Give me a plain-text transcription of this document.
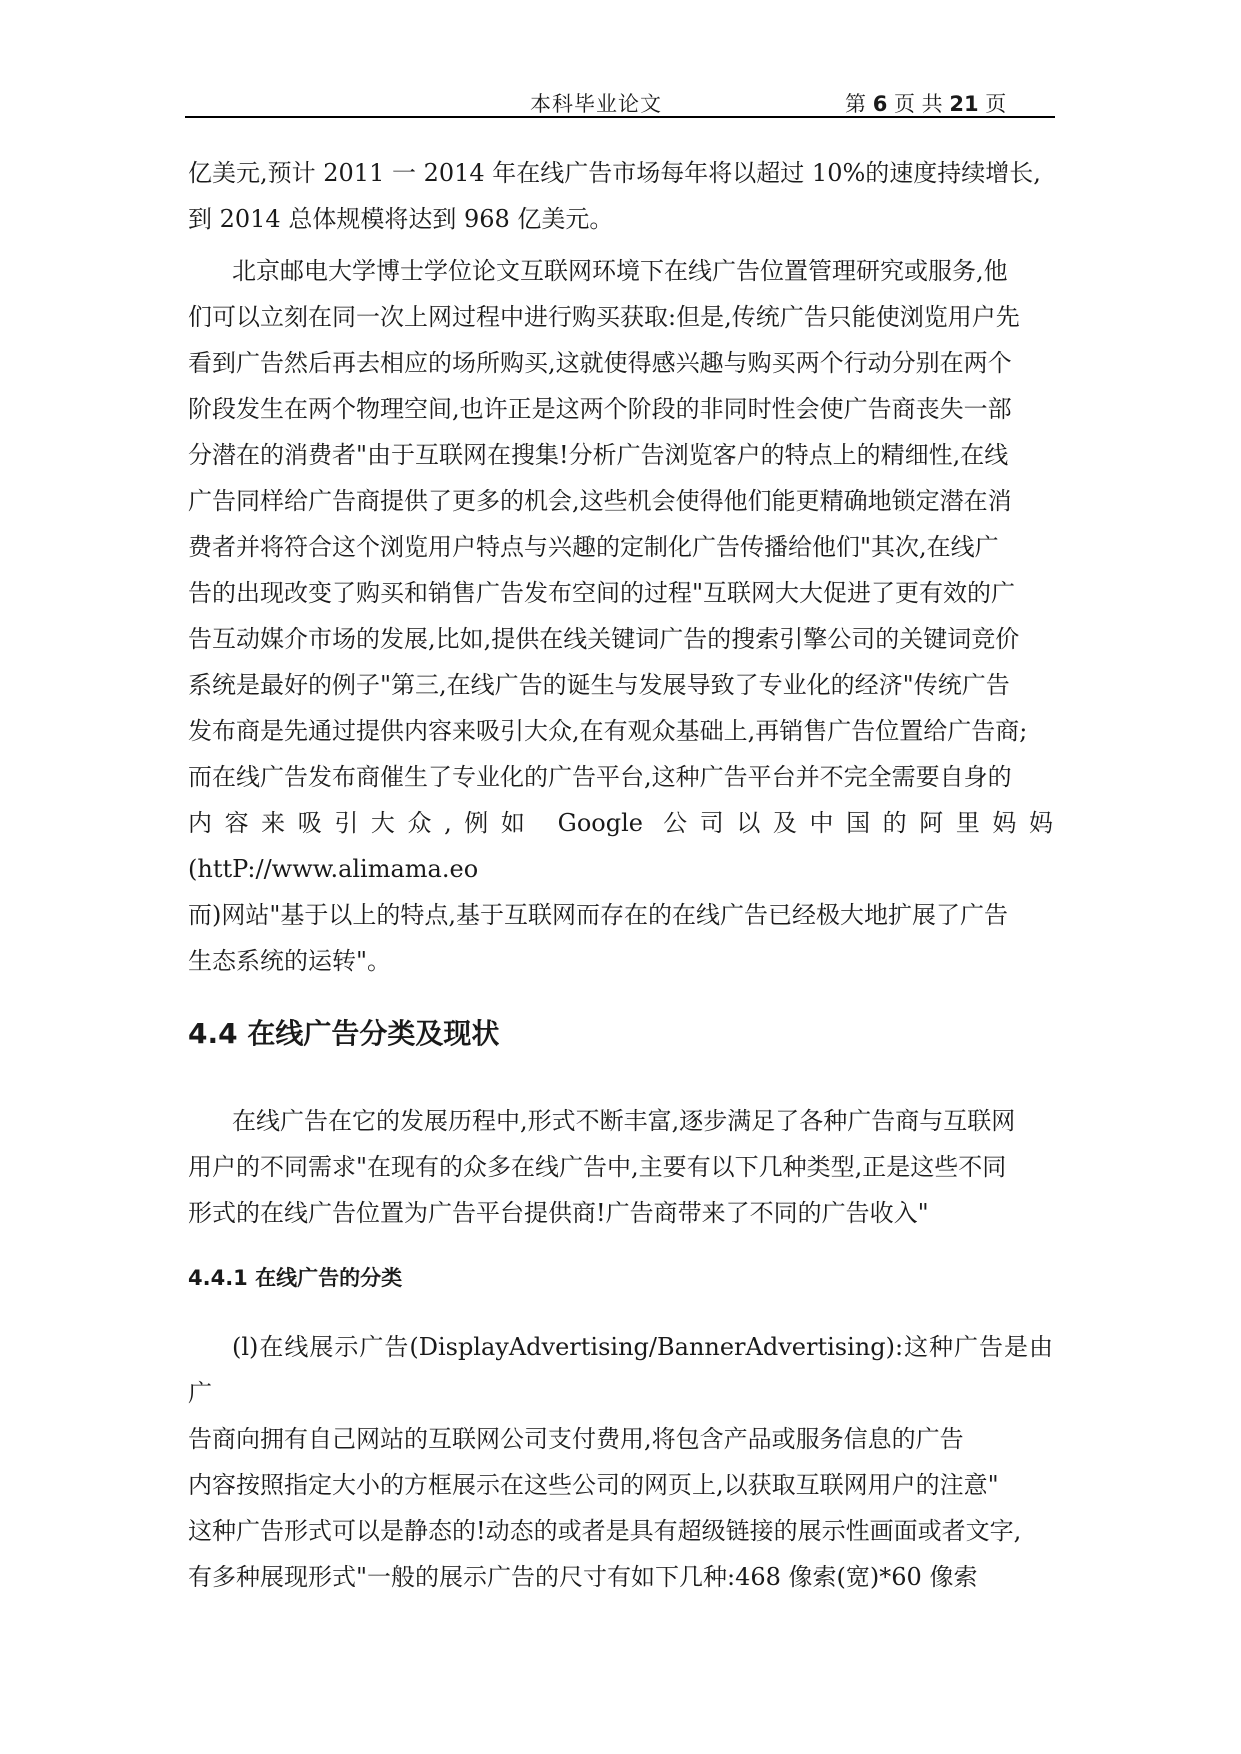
本科毕业论文	第 6 页 共 21 页

亿美元,预计 2011 一 2014 年在线广告市场每年将以超过 10%的速度持续增长,
到 2014 总体规模将达到 968 亿美元。

北京邮电大学博士学位论文互联网环境下在线广告位置管理研究或服务,他
们可以立刻在同一次上网过程中进行购买获取:但是,传统广告只能使浏览用户先
看到广告然后再去相应的场所购买,这就使得感兴趣与购买两个行动分别在两个
阶段发生在两个物理空间,也许正是这两个阶段的非同时性会使广告商丧失一部
分潜在的消费者"由于互联网在搜集!分析广告浏览客户的特点上的精细性,在线
广告同样给广告商提供了更多的机会,这些机会使得他们能更精确地锁定潜在消
费者并将符合这个浏览用户特点与兴趣的定制化广告传播给他们"其次,在线广
告的出现改变了购买和销售广告发布空间的过程"互联网大大促进了更有效的广
告互动媒介市场的发展,比如,提供在线关键词广告的搜索引擎公司的关键词竞价
系统是最好的例子"第三,在线广告的诞生与发展导致了专业化的经济"传统广告
发布商是先通过提供内容来吸引大众,在有观众基础上,再销售广告位置给广告商;
而在线广告发布商催生了专业化的广告平台,这种广告平台并不完全需要自身的
内容来吸引大众,例如 Google 公司以及中国的阿里妈妈(httP://www.alimama.eo
而)网站"基于以上的特点,基于互联网而存在的在线广告已经极大地扩展了广告
生态系统的运转"。

4.4 在线广告分类及现状

在线广告在它的发展历程中,形式不断丰富,逐步满足了各种广告商与互联网
用户的不同需求"在现有的众多在线广告中,主要有以下几种类型,正是这些不同
形式的在线广告位置为广告平台提供商!广告商带来了不同的广告收入"

4.4.1 在线广告的分类

(l)在线展示广告(DisplayAdvertising/BannerAdvertising):这种广告是由广
告商向拥有自己网站的互联网公司支付费用,将包含产品或服务信息的广告
内容按照指定大小的方框展示在这些公司的网页上,以获取互联网用户的注意"
这种广告形式可以是静态的!动态的或者是具有超级链接的展示性画面或者文字,
有多种展现形式"一般的展示广告的尺寸有如下几种:468 像索(宽)*60 像索
